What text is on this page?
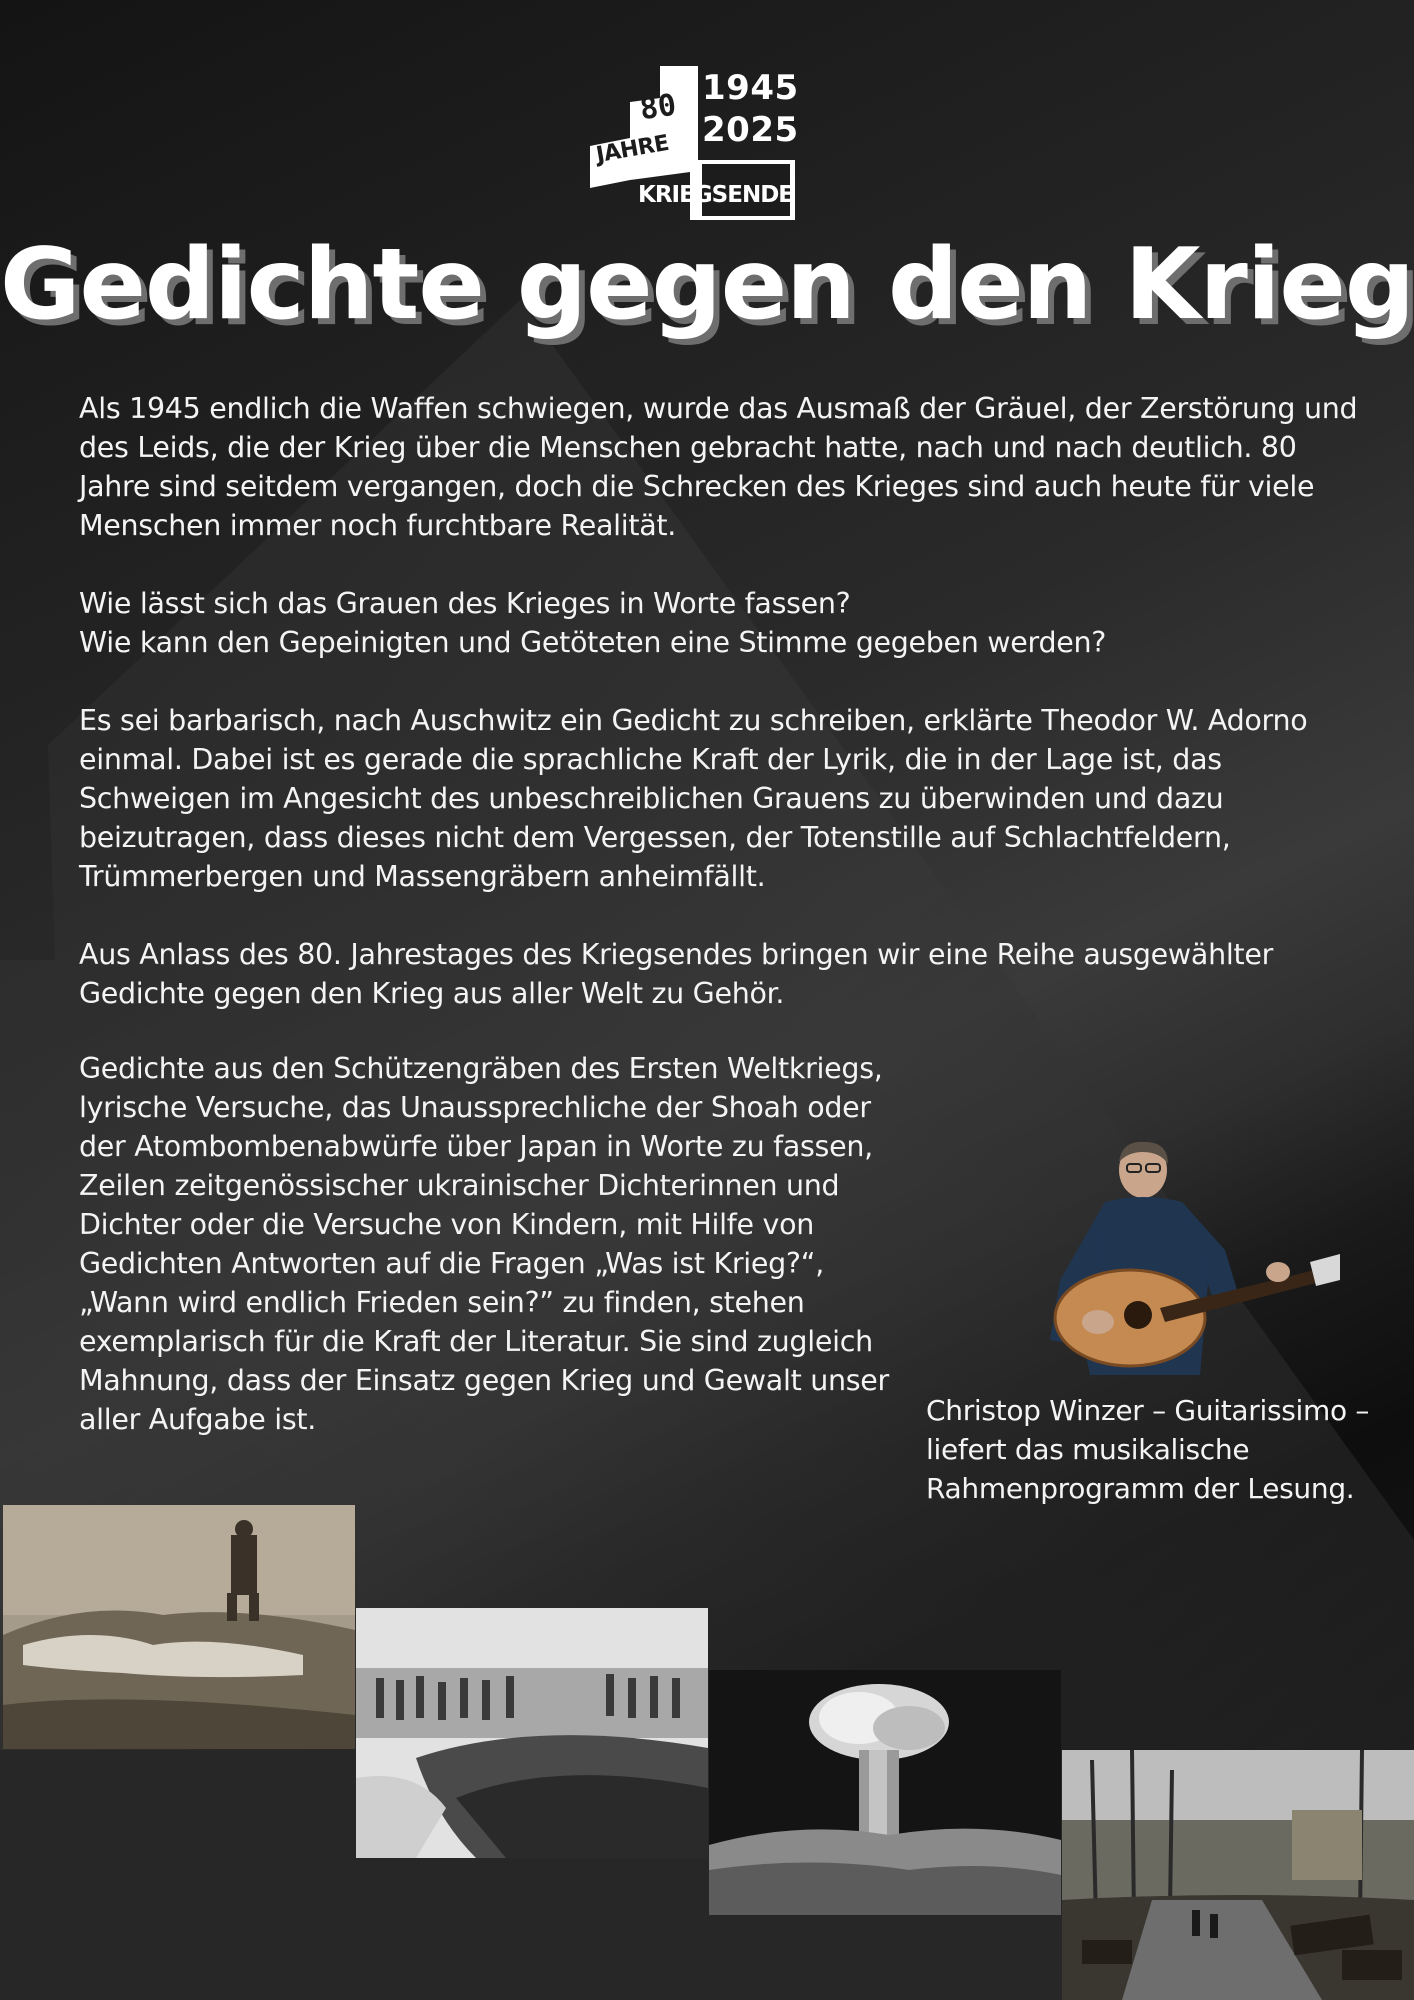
1945
2025
80
JAHRE
KRIEGSENDE
Gedichte gegen den Krieg

Als 1945 endlich die Waffen schwiegen, wurde das Ausmaß der Gräuel, der Zerstörung und des Leids, die der Krieg über die Menschen gebracht hatte, nach und nach deutlich. 80 Jahre sind seitdem vergangen, doch die Schrecken des Krieges sind auch heute für viele Menschen immer noch furchtbare Realität.

Wie lässt sich das Grauen des Krieges in Worte fassen?
Wie kann den Gepeinigten und Getöteten eine Stimme gegeben werden?

Es sei barbarisch, nach Auschwitz ein Gedicht zu schreiben, erklärte Theodor W. Adorno einmal. Dabei ist es gerade die sprachliche Kraft der Lyrik, die in der Lage ist, das Schweigen im Angesicht des unbeschreiblichen Grauens zu überwinden und dazu beizutragen, dass dieses nicht dem Vergessen, der Totenstille auf Schlachtfeldern, Trümmerbergen und Massengräbern anheimfällt.

Aus Anlass des 80. Jahrestages des Kriegsendes bringen wir eine Reihe ausgewählter Gedichte gegen den Krieg aus aller Welt zu Gehör.

Gedichte aus den Schützengräben des Ersten Weltkriegs, lyrische Versuche, das Unaussprechliche der Shoah oder der Atombombenabwürfe über Japan in Worte zu fassen, Zeilen zeitgenössischer ukrainischer Dichterinnen und Dichter oder die Versuche von Kindern, mit Hilfe von Gedichten Antworten auf die Fragen „Was ist Krieg?“, „Wann wird endlich Frieden sein?” zu finden, stehen exemplarisch für die Kraft der Literatur. Sie sind zugleich Mahnung, dass der Einsatz gegen Krieg und Gewalt unser aller Aufgabe ist.	Christop Winzer – Guitarissimo – liefert das musikalische Rahmenprogramm der Lesung.
